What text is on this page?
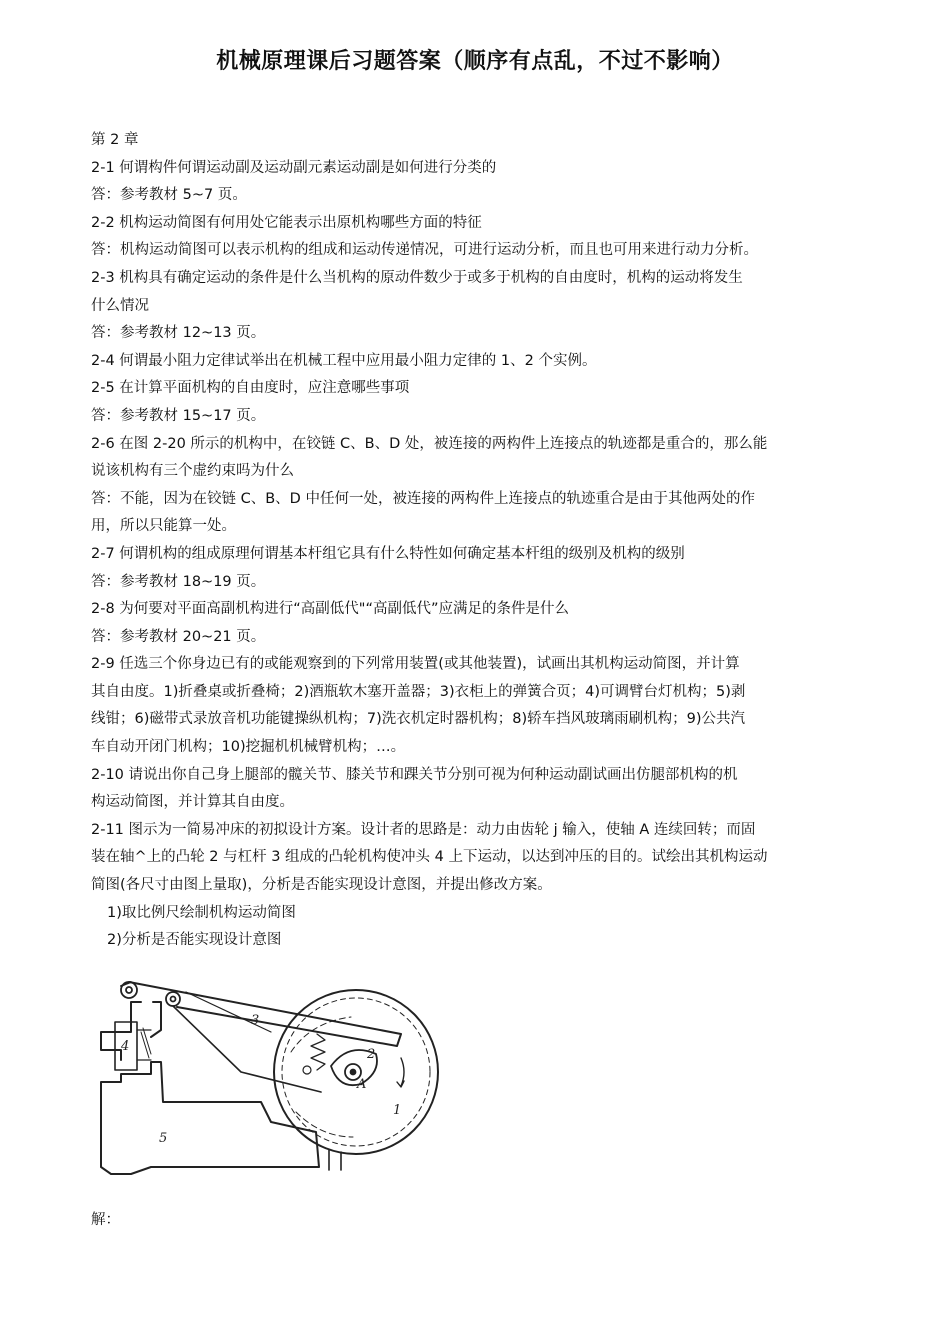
机械原理课后习题答案（顺序有点乱，不过不影响）

第 2 章

2-1 何谓构件何谓运动副及运动副元素运动副是如何进行分类的

答：参考教材 5~7 页。

2-2 机构运动简图有何用处它能表示出原机构哪些方面的特征

答：机构运动简图可以表示机构的组成和运动传递情况，可进行运动分析，而且也可用来进行动力分析。

2-3 机构具有确定运动的条件是什么当机构的原动件数少于或多于机构的自由度时，机构的运动将发生

什么情况

答：参考教材 12~13 页。

2-4 何谓最小阻力定律试举出在机械工程中应用最小阻力定律的 1、2 个实例。

2-5 在计算平面机构的自由度时，应注意哪些事项

答：参考教材 15~17 页。

2-6 在图 2-20 所示的机构中，在铰链 C、B、D 处，被连接的两构件上连接点的轨迹都是重合的，那么能

说该机构有三个虚约束吗为什么

答：不能，因为在铰链 C、B、D 中任何一处，被连接的两构件上连接点的轨迹重合是由于其他两处的作

用，所以只能算一处。

2-7 何谓机构的组成原理何谓基本杆组它具有什么特性如何确定基本杆组的级别及机构的级别

答：参考教材 18~19 页。

2-8 为何要对平面高副机构进行“高副低代"“高副低代”应满足的条件是什么

答：参考教材 20~21 页。

2-9 任选三个你身边已有的或能观察到的下列常用装置(或其他装置)，试画出其机构运动简图，并计算

其自由度。1)折叠桌或折叠椅；2)酒瓶软木塞开盖器；3)衣柜上的弹簧合页；4)可调臂台灯机构；5)剥

线钳；6)磁带式录放音机功能键操纵机构；7)洗衣机定时器机构；8)轿车挡风玻璃雨刷机构；9)公共汽

车自动开闭门机构；10)挖掘机机械臂机构；…。

2-10 请说出你自己身上腿部的髋关节、膝关节和踝关节分别可视为何种运动副试画出仿腿部机构的机

构运动简图，并计算其自由度。

2-11 图示为一简易冲床的初拟设计方案。设计者的思路是：动力由齿轮 j 输入，使轴 A 连续回转；而固

装在轴^上的凸轮 2 与杠杆 3 组成的凸轮机构使冲头 4 上下运动，以达到冲压的目的。试绘出其机构运动

简图(各尺寸由图上量取)，分析是否能实现设计意图，并提出修改方案。

1)取比例尺绘制机构运动简图

2)分析是否能实现设计意图

3
4
5
2
A
1
解：
